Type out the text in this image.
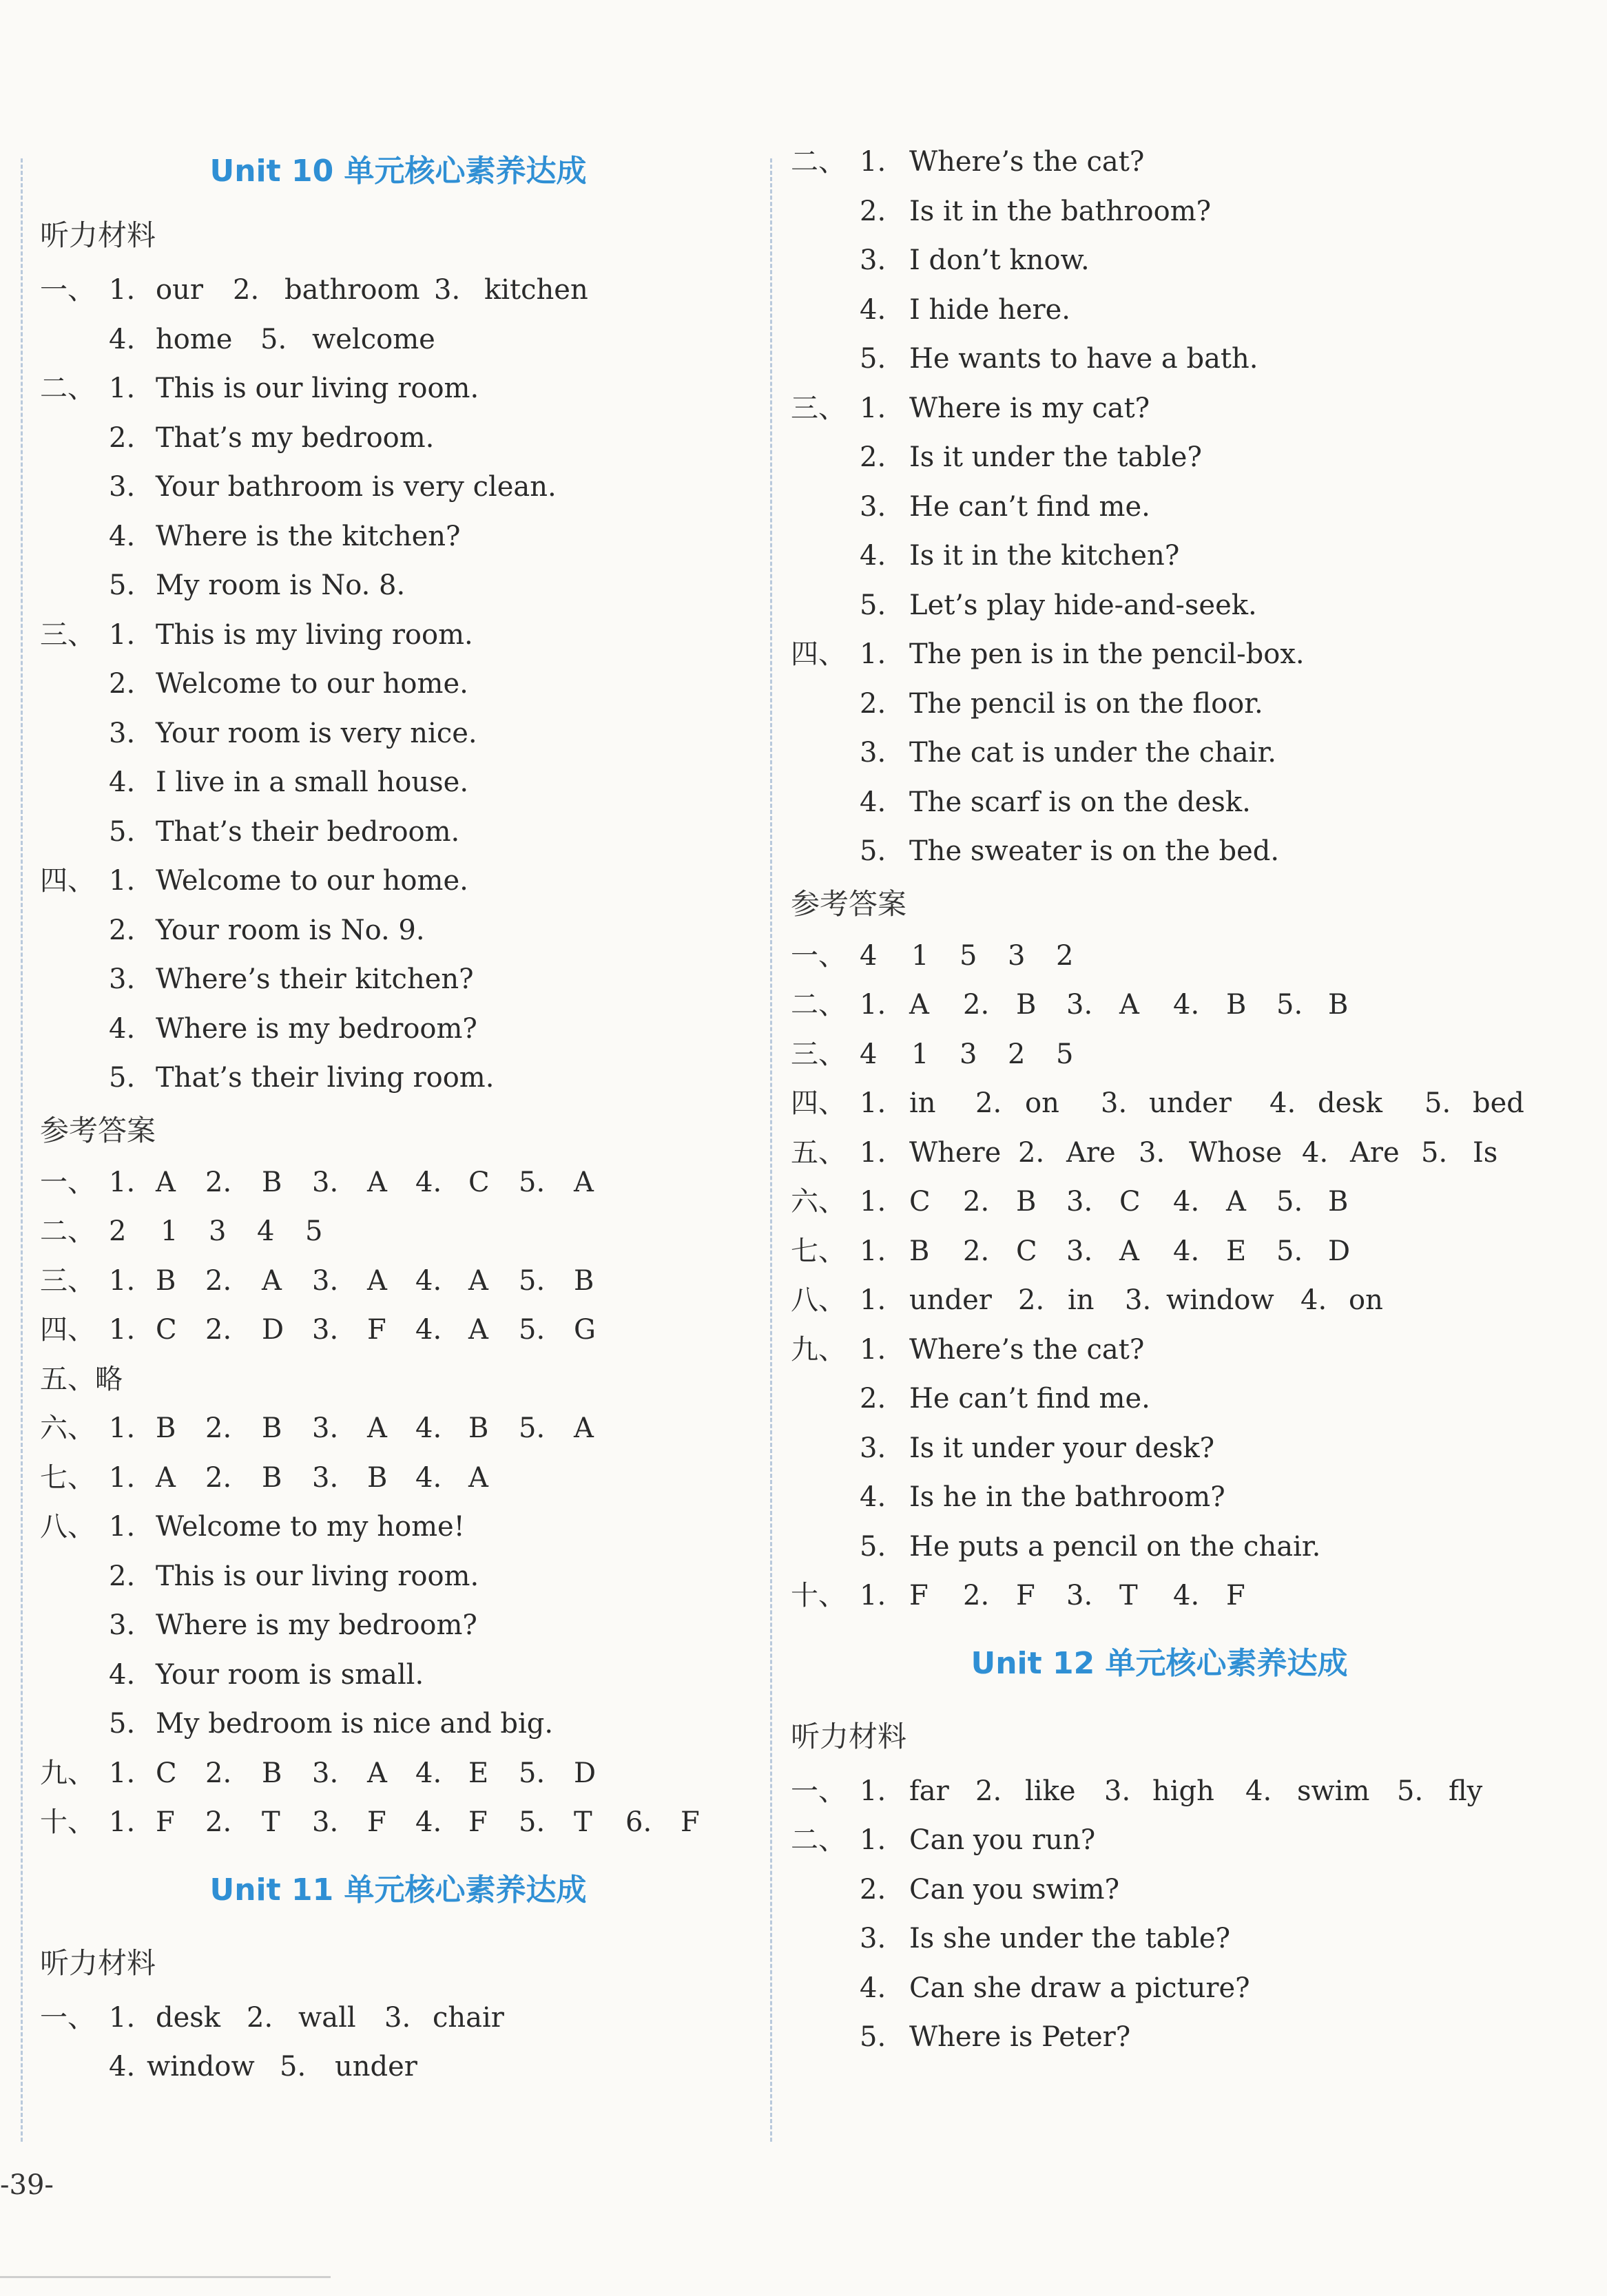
Unit 10 单元核心素养达成
听力材料
一、 1. our 2. bathroom 3. kitchen
4. home 5. welcome
二、 1. This is our living room.
2. That’s my bedroom.
3. Your bathroom is very clean.
4. Where is the kitchen?
5. My room is No. 8.
三、 1. This is my living room.
2. Welcome to our home.
3. Your room is very nice.
4. I live in a small house.
5. That’s their bedroom.
四、 1. Welcome to our home.
2. Your room is No. 9.
3. Where’s their kitchen?
4. Where is my bedroom?
5. That’s their living room.
参考答案
一、 1. A 2. B 3. A 4. C 5. A
二、 2 1 3 4 5
三、 1. B 2. A 3. A 4. A 5. B
四、 1. C 2. D 3. F 4. A 5. G
五、略
六、 1. B 2. B 3. A 4. B 5. A
七、 1. A 2. B 3. B 4. A
八、 1. Welcome to my home!
2. This is our living room.
3. Where is my bedroom?
4. Your room is small.
5. My bedroom is nice and big.
九、 1. C 2. B 3. A 4. E 5. D
十、 1. F 2. T 3. F 4. F 5. T 6. F
Unit 11 单元核心素养达成
听力材料
一、 1. desk 2. wall 3. chair
4. window 5. under
二、 1. Where’s the cat?
2. Is it in the bathroom?
3. I don’t know.
4. I hide here.
5. He wants to have a bath.
三、 1. Where is my cat?
2. Is it under the table?
3. He can’t find me.
4. Is it in the kitchen?
5. Let’s play hide-and-seek.
四、 1. The pen is in the pencil-box.
2. The pencil is on the floor.
3. The cat is under the chair.
4. The scarf is on the desk.
5. The sweater is on the bed.
参考答案
一、 4 1 5 3 2
二、 1. A 2. B 3. A 4. B 5. B
三、 4 1 3 2 5
四、 1. in 2. on 3. under 4. desk 5. bed
五、 1. Where 2. Are 3. Whose 4. Are 5. Is
六、 1. C 2. B 3. C 4. A 5. B
七、 1. B 2. C 3. A 4. E 5. D
八、 1. under 2. in 3. window 4. on
九、 1. Where’s the cat?
2. He can’t find me.
3. Is it under your desk?
4. Is he in the bathroom?
5. He puts a pencil on the chair.
十、 1. F 2. F 3. T 4. F
Unit 12 单元核心素养达成
听力材料
一、 1. far 2. like 3. high 4. swim 5. fly
二、 1. Can you run?
2. Can you swim?
3. Is she under the table?
4. Can she draw a picture?
5. Where is Peter?
-39-
